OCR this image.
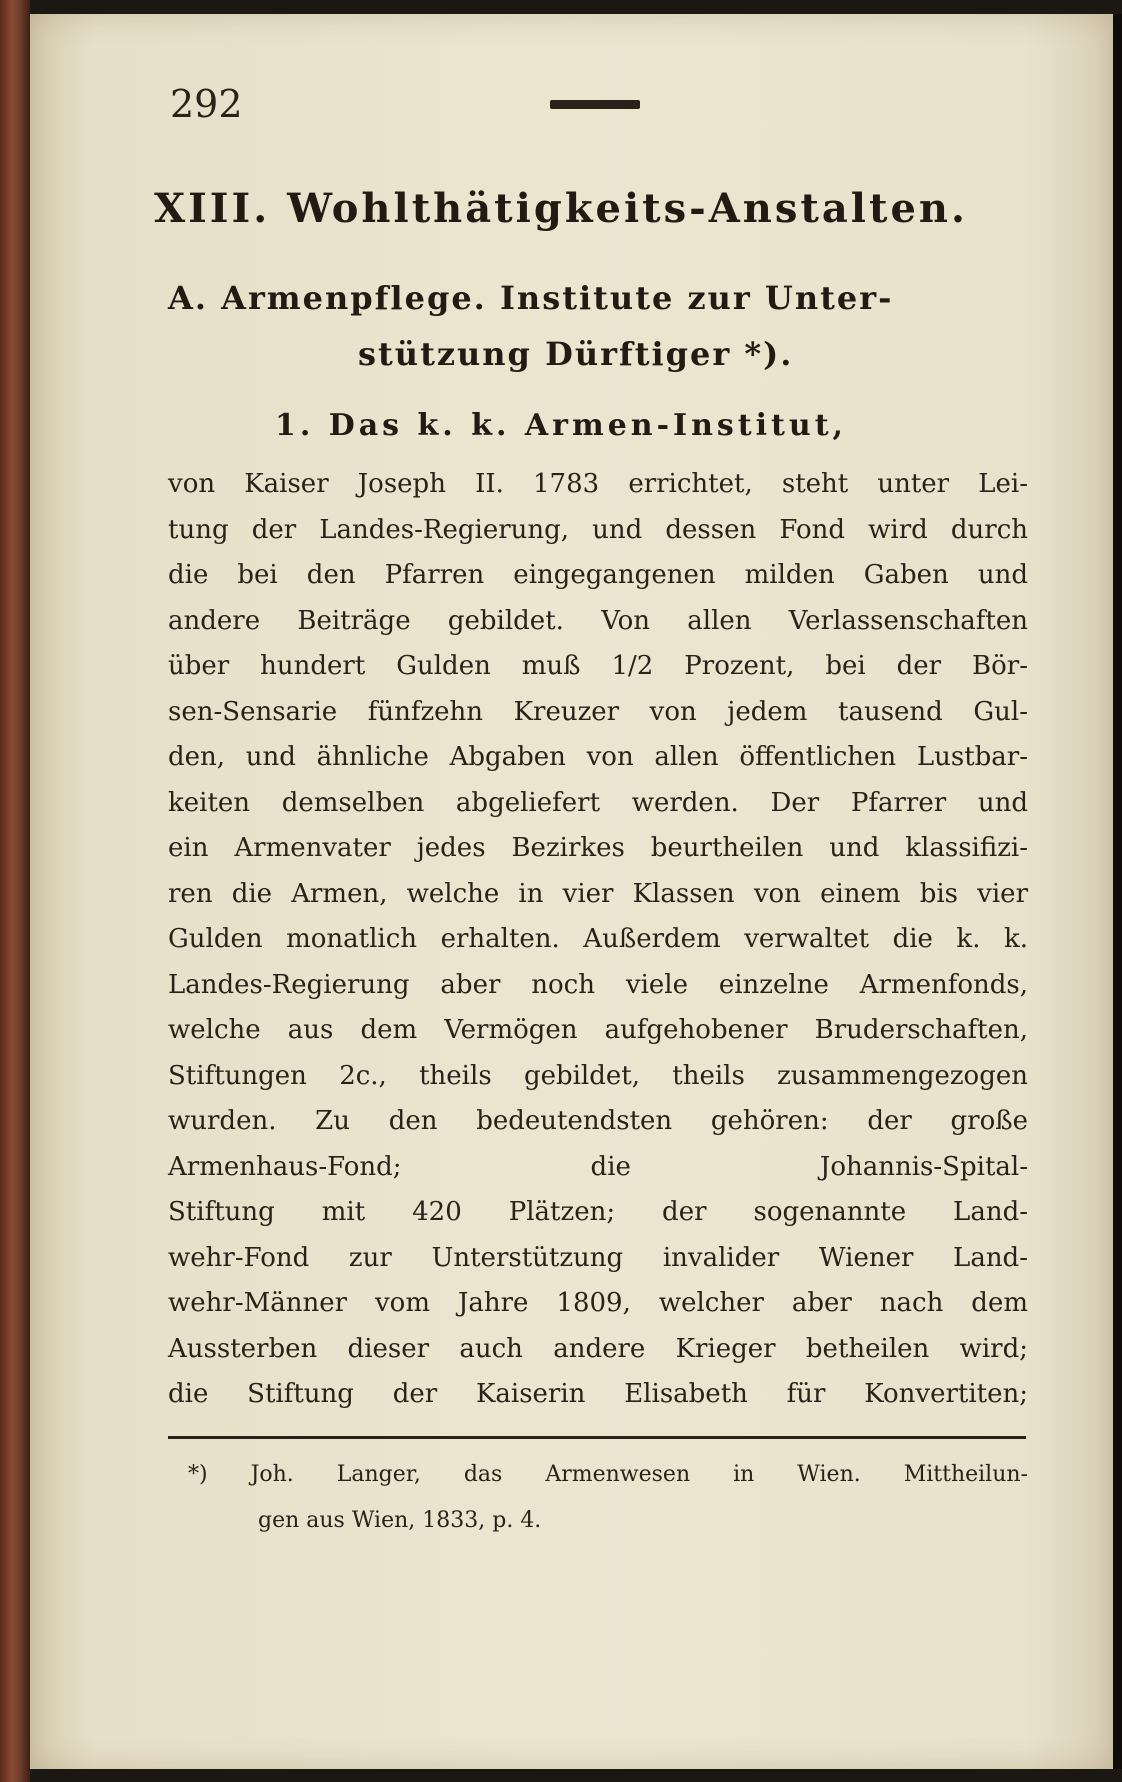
292
XIII. Wohlthätigkeits-Anstalten.
A. Armenpflege. Institute zur Unter-
stützung Dürftiger *).
1. Das k. k. Armen-Institut,
von Kaiser Joseph II. 1783 errichtet, steht unter Lei-
tung der Landes-Regierung, und dessen Fond wird durch
die bei den Pfarren eingegangenen milden Gaben und
andere Beiträge gebildet. Von allen Verlassenschaften
über hundert Gulden muß 1/2 Prozent, bei der Bör-
sen-Sensarie fünfzehn Kreuzer von jedem tausend Gul-
den, und ähnliche Abgaben von allen öffentlichen Lustbar-
keiten demselben abgeliefert werden. Der Pfarrer und
ein Armenvater jedes Bezirkes beurtheilen und klassifizi-
ren die Armen, welche in vier Klassen von einem bis vier
Gulden monatlich erhalten. Außerdem verwaltet die k. k.
Landes-Regierung aber noch viele einzelne Armenfonds,
welche aus dem Vermögen aufgehobener Bruderschaften,
Stiftungen 2c., theils gebildet, theils zusammengezogen
wurden. Zu den bedeutendsten gehören: der große
Armenhaus-Fond; die Johannis-Spital-
Stiftung mit 420 Plätzen; der sogenannte Land-
wehr-Fond zur Unterstützung invalider Wiener Land-
wehr-Männer vom Jahre 1809, welcher aber nach dem
Aussterben dieser auch andere Krieger betheilen wird;
die Stiftung der Kaiserin Elisabeth für Konvertiten;
*) Joh. Langer, das Armenwesen in Wien. Mittheilun-
gen aus Wien, 1833, p. 4.
